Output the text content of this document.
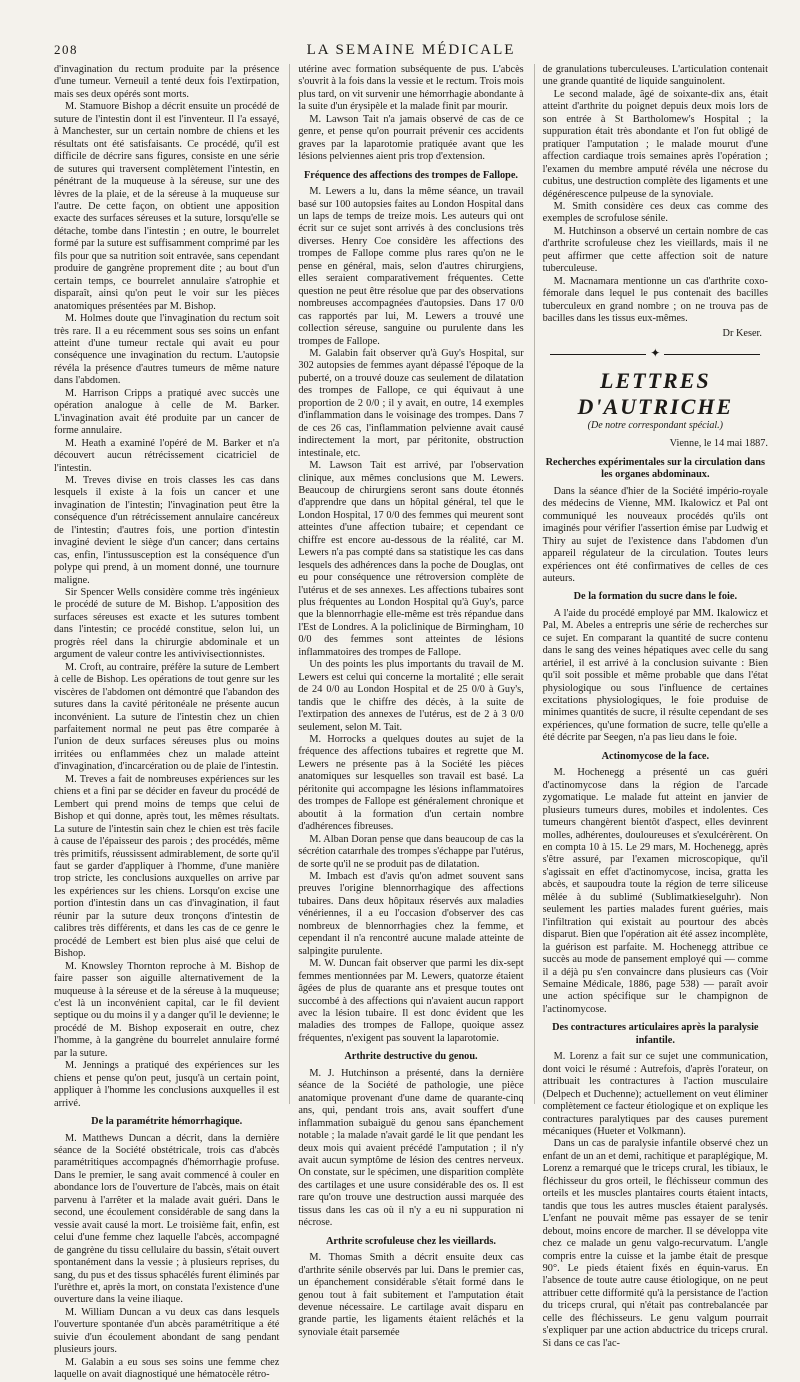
208	LA SEMAINE MÉDICALE

d'invagination du rectum produite par la présence d'une tumeur. Verneuil a tenté deux fois l'extirpation, mais ses deux opérés sont morts.

M. Stamuore Bishop a décrit ensuite un procédé de suture de l'intestin dont il est l'inventeur. Il l'a essayé, à Manchester, sur un certain nombre de chiens et les résultats ont été satisfaisants. Ce procédé, qu'il est difficile de décrire sans figures, consiste en une série de sutures qui traversent complètement l'intestin, en pénétrant de la muqueuse à la séreuse, sur une des lèvres de la plaie, et de la séreuse à la muqueuse sur l'autre. De cette façon, on obtient une apposition exacte des surfaces séreuses et la suture, lorsqu'elle se détache, tombe dans l'intestin ; en outre, le bourrelet formé par la suture est suffisamment comprimé par les fils pour que sa nutrition soit entravée, sans cependant produire de gangrène proprement dite ; au bout d'un certain temps, ce bourrelet annulaire s'atrophie et disparaît, ainsi qu'on peut le voir sur les pièces anatomiques présentées par M. Bishop.

M. Holmes doute que l'invagination du rectum soit très rare. Il a eu récemment sous ses soins un enfant atteint d'une tumeur rectale qui avait eu pour conséquence une invagination du rectum. L'autopsie révéla la présence d'autres tumeurs de même nature dans l'abdomen.

M. Harrison Cripps a pratiqué avec succès une opération analogue à celle de M. Barker. L'invagination avait été produite par un cancer de forme annulaire.

M. Heath a examiné l'opéré de M. Barker et n'a découvert aucun rétrécissement cicatriciel de l'intestin.

M. Treves divise en trois classes les cas dans lesquels il existe à la fois un cancer et une invagination de l'intestin; l'invagination peut être la conséquence d'un rétrécissement annulaire cancéreux de l'intestin; d'autres fois, une portion d'intestin invaginé devient le siège d'un cancer; dans certains cas, enfin, l'intussusception est la conséquence d'un polype qui prend, à un moment donné, une tournure maligne.

Sir Spencer Wells considère comme très ingénieux le procédé de suture de M. Bishop. L'apposition des surfaces séreuses est exacte et les sutures tombent dans l'intestin; ce procédé constitue, selon lui, un progrès réel dans la chirurgie abdominale et un argument de valeur contre les antivivisectionnistes.

M. Croft, au contraire, préfère la suture de Lembert à celle de Bishop. Les opérations de tout genre sur les viscères de l'abdomen ont démontré que l'abandon des sutures dans la cavité péritonéale ne présente aucun inconvénient. La suture de l'intestin chez un chien parfaitement normal ne peut pas être comparée à l'union de deux surfaces séreuses plus ou moins irritées ou enflammées chez un malade atteint d'invagination, d'incarcération ou de plaie de l'intestin.

M. Treves a fait de nombreuses expériences sur les chiens et a fini par se décider en faveur du procédé de Lembert qui prend moins de temps que celui de Bishop et qui donne, après tout, les mêmes résultats. La suture de l'intestin sain chez le chien est très facile à cause de l'épaisseur des parois ; des procédés, même très primitifs, réussissent admirablement, de sorte qu'il faut se garder d'appliquer à l'homme, d'une manière trop stricte, les conclusions auxquelles on arrive par les expériences sur les chiens. Lorsqu'on excise une portion d'intestin dans un cas d'invagination, il faut réunir par la suture deux tronçons d'intestin de calibres très différents, et dans les cas de ce genre le procédé de Lembert est bien plus aisé que celui de Bishop.

M. Knowsley Thornton reproche à M. Bishop de faire passer son aiguille alternativement de la muqueuse à la séreuse et de la séreuse à la muqueuse; c'est là un inconvénient capital, car le fil devient septique ou du moins il y a danger qu'il le devienne; le procédé de M. Bishop exposerait en outre, chez l'homme, à la gangrène du bourrelet annulaire formé par la suture.

M. Jennings a pratiqué des expériences sur les chiens et pense qu'on peut, jusqu'à un certain point, appliquer à l'homme les conclusions auxquelles il est arrivé.

De la paramétrite hémorrhagique.

M. Matthews Duncan a décrit, dans la dernière séance de la Société obstétricale, trois cas d'abcès paramétritiques accompagnés d'hémorrhagie profuse. Dans le premier, le sang avait commencé à couler en abondance lors de l'ouverture de l'abcès, mais on était parvenu à l'arrêter et la malade avait guéri. Dans le second, une écoulement considérable de sang dans la vessie avait causé la mort. Le troisième fait, enfin, est celui d'une femme chez laquelle l'abcès, accompagné de gangrène du tissu cellulaire du bassin, s'était ouvert spontanément dans la vessie ; à plusieurs reprises, du sang, du pus et des tissus sphacélés furent éliminés par l'urèthre et, après la mort, on constata l'existence d'une ouverture dans la veine iliaque.

M. William Duncan a vu deux cas dans lesquels l'ouverture spontanée d'un abcès paramétritique a été suivie d'un écoulement abondant de sang pendant plusieurs jours.

M. Galabin a eu sous ses soins une femme chez laquelle on avait diagnostiqué une hématocèle rétro-

utérine avec formation subséquente de pus. L'abcès s'ouvrit à la fois dans la vessie et le rectum. Trois mois plus tard, on vit survenir une hémorrhagie abondante à la suite d'un érysipèle et la malade finit par mourir.

M. Lawson Tait n'a jamais observé de cas de ce genre, et pense qu'on pourrait prévenir ces accidents graves par la laparotomie pratiquée avant que les lésions pelviennes aient pris trop d'extension.

Fréquence des affections des trompes de Fallope.

M. Lewers a lu, dans la même séance, un travail basé sur 100 autopsies faites au London Hospital dans un laps de temps de treize mois. Les auteurs qui ont écrit sur ce sujet sont arrivés à des conclusions très diverses. Henry Coe considère les affections des trompes de Fallope comme plus rares qu'on ne le pense en général, mais, selon d'autres chirurgiens, elles seraient comparativement fréquentes. Cette question ne peut être résolue que par des observations nombreuses accompagnées d'autopsies. Dans 17 0/0 cas rapportés par lui, M. Lewers a trouvé une collection séreuse, sanguine ou purulente dans les trompes de Fallope.

M. Galabin fait observer qu'à Guy's Hospital, sur 302 autopsies de femmes ayant dépassé l'époque de la puberté, on a trouvé douze cas seulement de dilatation des trompes de Fallope, ce qui équivaut à une proportion de 2 0/0 ; il y avait, en outre, 14 exemples d'inflammation dans le voisinage des trompes. Dans 7 de ces 26 cas, l'inflammation pelvienne avait causé indirectement la mort, par péritonite, obstruction intestinale, etc.

M. Lawson Tait est arrivé, par l'observation clinique, aux mêmes conclusions que M. Lewers. Beaucoup de chirurgiens seront sans doute étonnés d'apprendre que dans un hôpital général, tel que le London Hospital, 17 0/0 des femmes qui meurent sont atteintes d'une affection tubaire; et cependant ce chiffre est encore au-dessous de la réalité, car M. Lewers n'a pas compté dans sa statistique les cas dans lesquels des adhérences dans la poche de Douglas, ont eu pour conséquence une rétroversion complète de l'utérus et de ses annexes. Les affections tubaires sont plus fréquentes au London Hospital qu'à Guy's, parce que la blennorrhagie elle-même est très répandue dans l'Est de Londres. A la policlinique de Birmingham, 10 0/0 des femmes sont atteintes de lésions inflammatoires des trompes de Fallope.

Un des points les plus importants du travail de M. Lewers est celui qui concerne la mortalité ; elle serait de 24 0/0 au London Hospital et de 25 0/0 à Guy's, tandis que le chiffre des décès, à la suite de l'extirpation des annexes de l'utérus, est de 2 à 3 0/0 seulement, selon M. Tait.

M. Horrocks a quelques doutes au sujet de la fréquence des affections tubaires et regrette que M. Lewers ne présente pas à la Société les pièces anatomiques sur lesquelles son travail est basé. La péritonite qui accompagne les lésions inflammatoires des trompes de Fallope est généralement chronique et aboutit à la formation d'un certain nombre d'adhérences fibreuses.

M. Alban Doran pense que dans beaucoup de cas la sécrétion catarrhale des trompes s'échappe par l'utérus, de sorte qu'il ne se produit pas de dilatation.

M. Imbach est d'avis qu'on admet souvent sans preuves l'origine blennorrhagique des affections tubaires. Dans deux hôpitaux réservés aux maladies vénériennes, il a eu l'occasion d'observer des cas nombreux de blennorrhagies chez la femme, et cependant il n'a rencontré aucune malade atteinte de salpingite purulente.

M. W. Duncan fait observer que parmi les dix-sept femmes mentionnées par M. Lewers, quatorze étaient âgées de plus de quarante ans et presque toutes ont succombé à des affections qui n'avaient aucun rapport avec la lésion tubaire. Il est donc évident que les maladies des trompes de Fallope, quoique assez fréquentes, n'exigent pas souvent la laparotomie.

Arthrite destructive du genou.

M. J. Hutchinson a présenté, dans la dernière séance de la Société de pathologie, une pièce anatomique provenant d'une dame de quarante-cinq ans, qui, pendant trois ans, avait souffert d'une inflammation subaiguë du genou sans épanchement notable ; la malade n'avait gardé le lit que pendant les deux mois qui avaient précédé l'amputation ; il n'y avait aucun symptôme de lésion des centres nerveux. On constate, sur le spécimen, une disparition complète des cartilages et une usure considérable des os. Il est rare qu'on trouve une destruction aussi marquée des tissus dans les cas où il n'y a eu ni suppuration ni nécrose.

Arthrite scrofuleuse chez les vieillards.

M. Thomas Smith a décrit ensuite deux cas d'arthrite sénile observés par lui. Dans le premier cas, un épanchement considérable s'était formé dans le genou tout à fait subitement et l'amputation était devenue nécessaire. Le cartilage avait disparu en grande partie, les ligaments étaient relâchés et la synoviale était parsemée

de granulations tuberculeuses. L'articulation contenait une grande quantité de liquide sanguinolent.

Le second malade, âgé de soixante-dix ans, était atteint d'arthrite du poignet depuis deux mois lors de son entrée à St Bartholomew's Hospital ; la suppuration était très abondante et l'on fut obligé de pratiquer l'amputation ; le malade mourut d'une affection cardiaque trois semaines après l'opération ; l'examen du membre amputé révéla une nécrose du cubitus, une destruction complète des ligaments et une dégénérescence pulpeuse de la synoviale.

M. Smith considère ces deux cas comme des exemples de scrofulose sénile.

M. Hutchinson a observé un certain nombre de cas d'arthrite scrofuleuse chez les vieillards, mais il ne peut affirmer que cette affection soit de nature tuberculeuse.

M. Macnamara mentionne un cas d'arthrite coxo-fémorale dans lequel le pus contenait des bacilles tuberculeux en grand nombre ; on ne trouva pas de bacilles dans les tissus eux-mêmes.

Dr Keser.
✦
LETTRES D'AUTRICHE
(De notre correspondant spécial.)
Vienne, le 14 mai 1887.
Recherches expérimentales sur la circulation dans les organes abdominaux.

Dans la séance d'hier de la Société império-royale des médecins de Vienne, MM. Ikalowicz et Pal ont communiqué les nouveaux procédés qu'ils ont imaginés pour vérifier l'assertion émise par Ludwig et Thiry au sujet de l'existence dans l'abdomen d'un appareil régulateur de la circulation. Toutes leurs expériences ont été confirmatives de celles de ces auteurs.

De la formation du sucre dans le foie.

A l'aide du procédé employé par MM. Ikalowicz et Pal, M. Abeles a entrepris une série de recherches sur ce sujet. En comparant la quantité de sucre contenu dans le sang des veines hépatiques avec celle du sang artériel, il est arrivé à la conclusion suivante : Bien qu'il soit possible et même probable que dans l'état physiologique ou sous l'influence de certaines excitations physiologiques, le foie produise de minimes quantités de sucre, il résulte cependant de ses expériences, qu'une formation de sucre, telle qu'elle a été décrite par Seegen, n'a pas lieu dans le foie.

Actinomycose de la face.

M. Hochenegg a présenté un cas guéri d'actinomycose dans la région de l'arcade zygomatique. Le malade fut atteint en janvier de plusieurs tumeurs dures, mobiles et indolentes. Ces tumeurs changèrent bientôt d'aspect, elles devinrent molles, adhérentes, douloureuses et s'exulcérèrent. On en compta 10 à 15. Le 29 mars, M. Hochenegg, après s'être assuré, par l'examen microscopique, qu'il s'agissait en effet d'actinomycose, incisa, gratta les abcès, et saupoudra toute la région de terre siliceuse mêlée à du sublimé (Sublimatkieselguhr). Non seulement les parties malades furent guéries, mais l'infiltration qui existait au pourtour des abcès disparut. Bien que l'opération ait été assez incomplète, la guérison est parfaite. M. Hochenegg attribue ce succès au mode de pansement employé qui — comme il a déjà pu s'en convaincre dans plusieurs cas (Voir Semaine Médicale, 1886, page 538) — paraît avoir une action spécifique sur le champignon de l'actinomycose.

Des contractures articulaires après la paralysie infantile.

M. Lorenz a fait sur ce sujet une communication, dont voici le résumé : Autrefois, d'après l'orateur, on attribuait les contractures à l'action musculaire (Delpech et Duchenne); actuellement on veut éliminer complètement ce facteur étiologique et on explique les contractures paralytiques par des causes purement mécaniques (Hueter et Volkmann).

Dans un cas de paralysie infantile observé chez un enfant de un an et demi, rachitique et paraplégique, M. Lorenz a remarqué que le triceps crural, les tibiaux, le fléchisseur du gros orteil, le fléchisseur commun des orteils et les muscles plantaires courts étaient intacts, tandis que tous les autres muscles étaient paralysés. L'enfant ne pouvait même pas essayer de se tenir debout, moins encore de marcher. Il se développa vite chez ce malade un genu valgo-recurvatum. L'angle compris entre la cuisse et la jambe était de presque 90°. Le pieds étaient fixés en équin-varus. En l'absence de toute autre cause étiologique, on ne peut attribuer cette difformité qu'à la persistance de l'action du triceps crural, qui n'était pas contrebalancée par celle des fléchisseurs. Le genu valgum pourrait s'expliquer par une action abductrice du triceps crural. Si dans ce cas l'ac-
